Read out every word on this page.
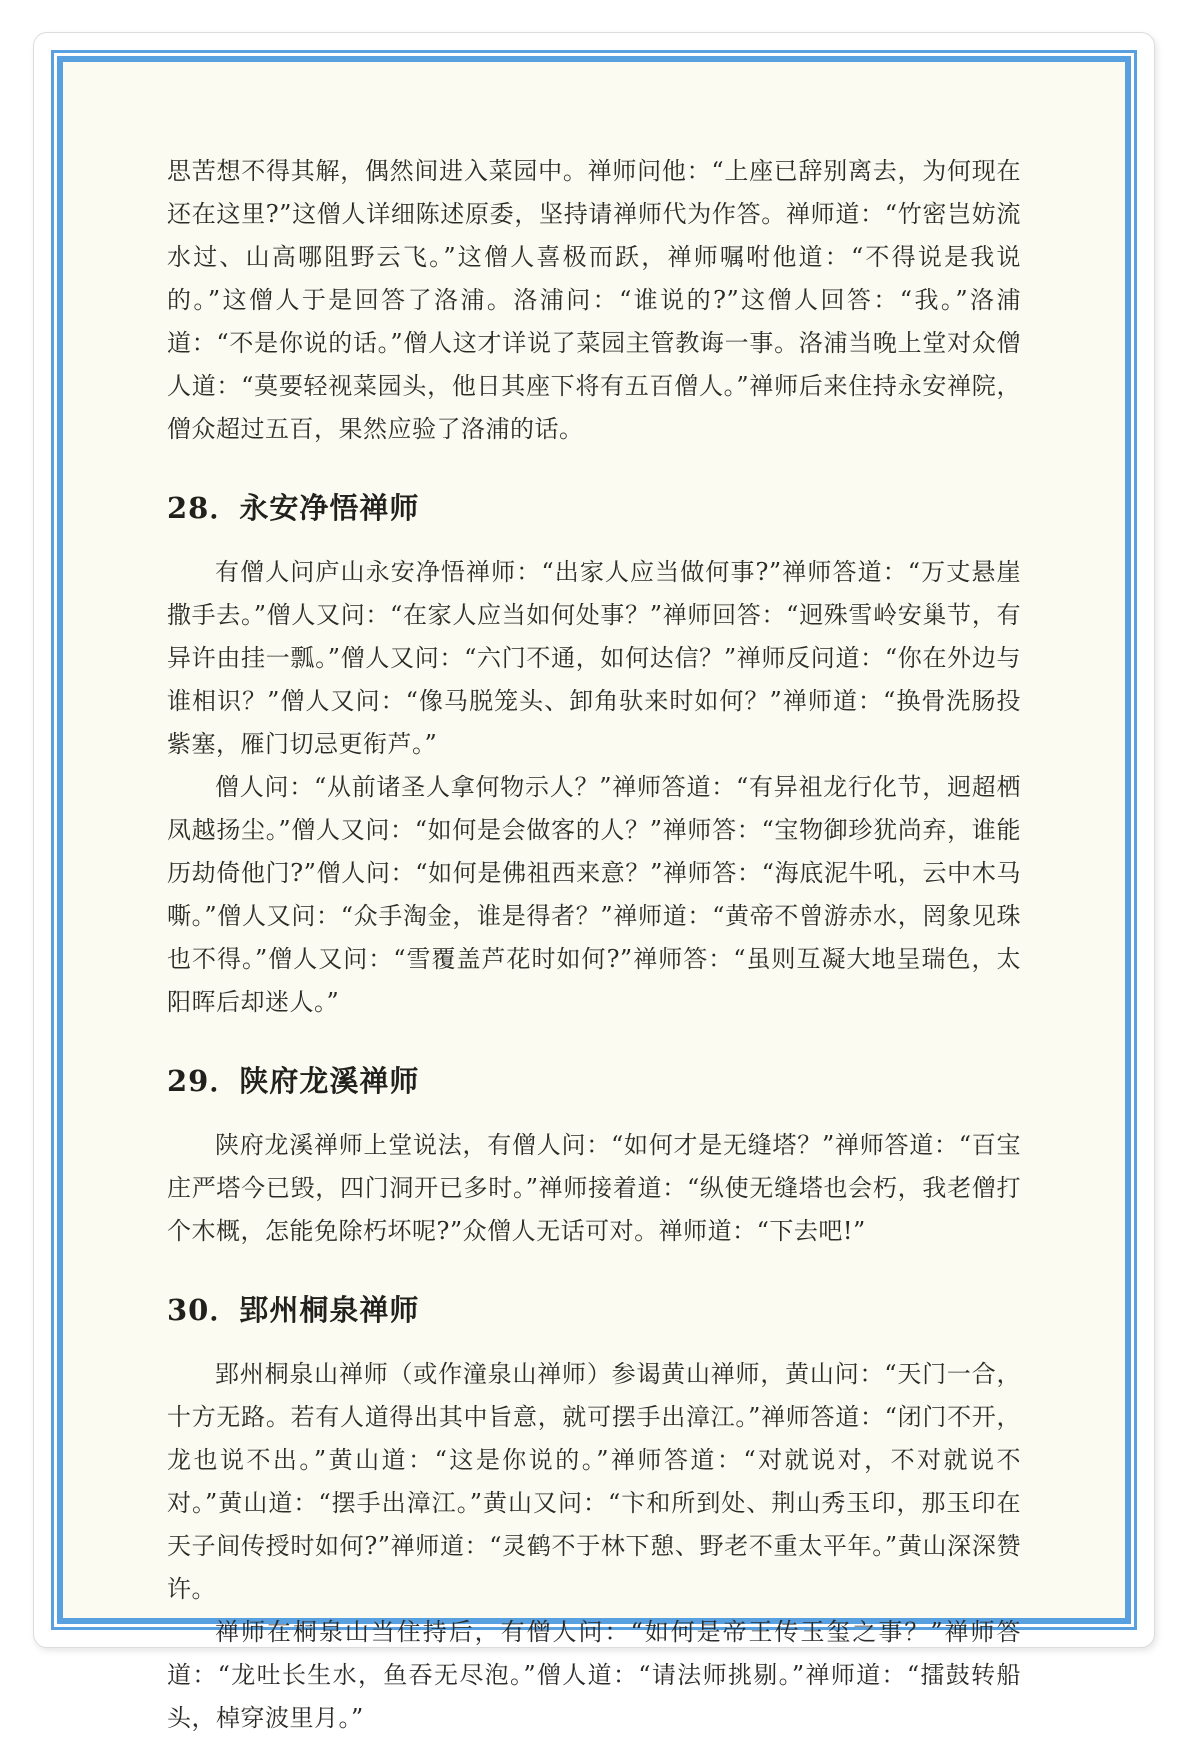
思苦想不得其解，偶然间进入菜园中。禅师问他：“上座已辞别离去，为何现在还在这里?”这僧人详细陈述原委，坚持请禅师代为作答。禅师道：“竹密岂妨流水过、山高哪阻野云飞。”这僧人喜极而跃，禅师嘱咐他道：“不得说是我说的。”这僧人于是回答了洛浦。洛浦问：“谁说的?”这僧人回答：“我。”洛浦道：“不是你说的话。”僧人这才详说了菜园主管教诲一事。洛浦当晚上堂对众僧人道：“莫要轻视菜园头，他日其座下将有五百僧人。”禅师后来住持永安禅院，僧众超过五百，果然应验了洛浦的话。

28．永安净悟禅师

有僧人问庐山永安净悟禅师：“出家人应当做何事?”禅师答道：“万丈悬崖撒手去。”僧人又问：“在家人应当如何处事？”禅师回答：“迥殊雪岭安巢节，有异许由挂一瓢。”僧人又问：“六门不通，如何达信？”禅师反问道：“你在外边与谁相识？”僧人又问：“像马脱笼头、卸角驮来时如何？”禅师道：“换骨洗肠投紫塞，雁门切忌更衔芦。”

僧人问：“从前诸圣人拿何物示人？”禅师答道：“有异祖龙行化节，迥超栖凤越扬尘。”僧人又问：“如何是会做客的人？”禅师答：“宝物御珍犹尚弃，谁能历劫倚他门?”僧人问：“如何是佛祖西来意？”禅师答：“海底泥牛吼，云中木马嘶。”僧人又问：“众手淘金，谁是得者？”禅师道：“黄帝不曾游赤水，罔象见珠也不得。”僧人又问：“雪覆盖芦花时如何?”禅师答：“虽则互凝大地呈瑞色，太阳晖后却迷人。”

29．陕府龙溪禅师

陕府龙溪禅师上堂说法，有僧人问：“如何才是无缝塔？”禅师答道：“百宝庄严塔今已毁，四门洞开已多时。”禅师接着道：“纵使无缝塔也会朽，我老僧打个木概，怎能免除朽坏呢?”众僧人无话可对。禅师道：“下去吧!”

30．郢州桐泉禅师

郢州桐泉山禅师（或作潼泉山禅师）参谒黄山禅师，黄山问：“天门一合，十方无路。若有人道得出其中旨意，就可摆手出漳江。”禅师答道：“闭门不开，龙也说不出。”黄山道：“这是你说的。”禅师答道：“对就说对，不对就说不对。”黄山道：“摆手出漳江。”黄山又问：“卞和所到处、荆山秀玉印，那玉印在天子间传授时如何?”禅师道：“灵鹤不于林下憩、野老不重太平年。”黄山深深赞许。

禅师在桐泉山当住持后，有僧人问：“如何是帝王传玉玺之事？”禅师答道：“龙吐长生水，鱼吞无尽泡。”僧人道：“请法师挑剔。”禅师道：“擂鼓转船头，棹穿波里月。”
